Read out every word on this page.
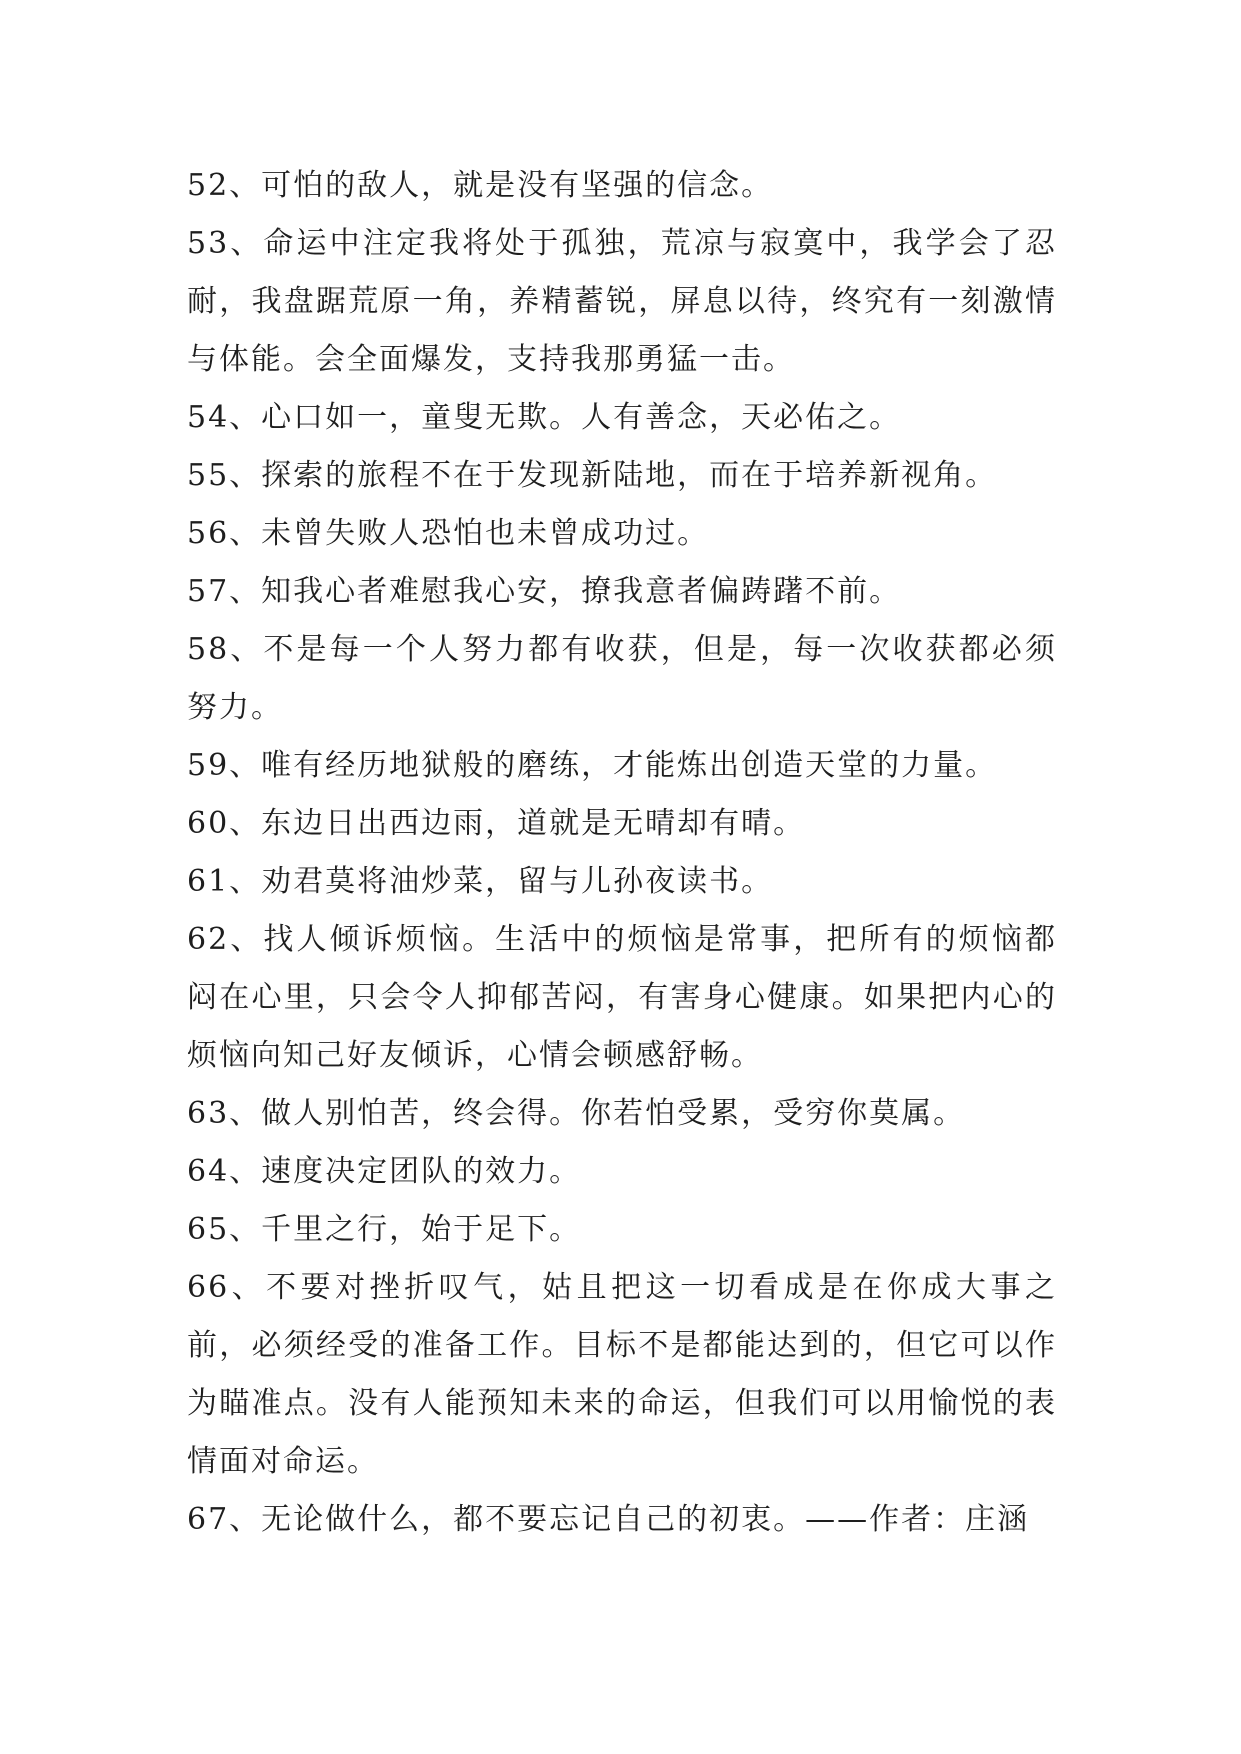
52、可怕的敌人，就是没有坚强的信念。

53、命运中注定我将处于孤独，荒凉与寂寞中，我学会了忍耐，我盘踞荒原一角，养精蓄锐，屏息以待，终究有一刻激情与体能。会全面爆发，支持我那勇猛一击。

54、心口如一，童叟无欺。人有善念，天必佑之。

55、探索的旅程不在于发现新陆地，而在于培养新视角。

56、未曾失败人恐怕也未曾成功过。

57、知我心者难慰我心安，撩我意者偏踌躇不前。

58、不是每一个人努力都有收获，但是，每一次收获都必须努力。

59、唯有经历地狱般的磨练，才能炼出创造天堂的力量。

60、东边日出西边雨，道就是无晴却有晴。

61、劝君莫将油炒菜，留与儿孙夜读书。

62、找人倾诉烦恼。生活中的烦恼是常事，把所有的烦恼都闷在心里，只会令人抑郁苦闷，有害身心健康。如果把内心的烦恼向知己好友倾诉，心情会顿感舒畅。

63、做人别怕苦，终会得。你若怕受累，受穷你莫属。

64、速度决定团队的效力。

65、千里之行，始于足下。

66、不要对挫折叹气，姑且把这一切看成是在你成大事之前，必须经受的准备工作。目标不是都能达到的，但它可以作为瞄准点。没有人能预知未来的命运，但我们可以用愉悦的表情面对命运。

67、无论做什么，都不要忘记自己的初衷。——作者：庄涵
